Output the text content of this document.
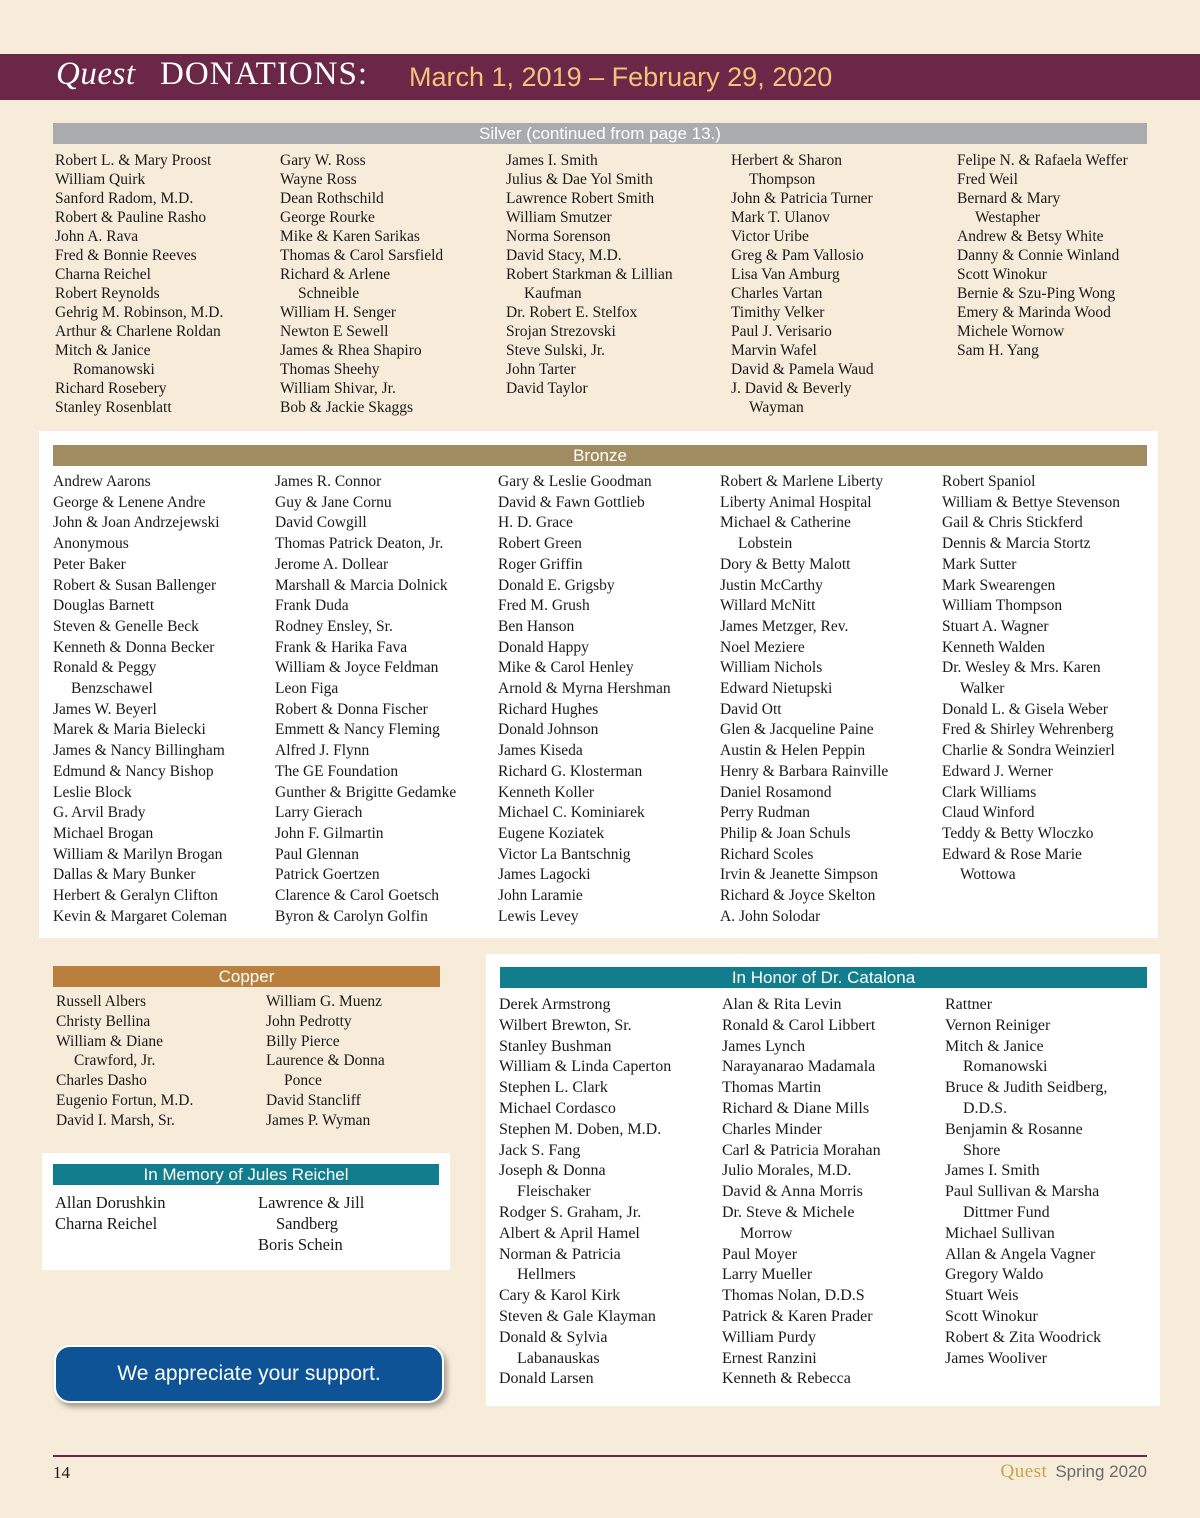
Quest DONATIONS: March 1, 2019 – February 29, 2020
Silver (continued from page 13.)
Robert L. & Mary Proost
William Quirk
Sanford Radom, M.D.
Robert & Pauline Rasho
John A. Rava
Fred & Bonnie Reeves
Charna Reichel
Robert Reynolds
Gehrig M. Robinson, M.D.
Arthur & Charlene Roldan
Mitch & Janice
Romanowski
Richard Rosebery
Stanley Rosenblatt
Gary W. Ross
Wayne Ross
Dean Rothschild
George Rourke
Mike & Karen Sarikas
Thomas & Carol Sarsfield
Richard & Arlene
Schneible
William H. Senger
Newton E Sewell
James & Rhea Shapiro
Thomas Sheehy
William Shivar, Jr.
Bob & Jackie Skaggs
James I. Smith
Julius & Dae Yol Smith
Lawrence Robert Smith
William Smutzer
Norma Sorenson
David Stacy, M.D.
Robert Starkman & Lillian
Kaufman
Dr. Robert E. Stelfox
Srojan Strezovski
Steve Sulski, Jr.
John Tarter
David Taylor
Herbert & Sharon
Thompson
John & Patricia Turner
Mark T. Ulanov
Victor Uribe
Greg & Pam Vallosio
Lisa Van Amburg
Charles Vartan
Timithy Velker
Paul J. Verisario
Marvin Wafel
David & Pamela Waud
J. David & Beverly
Wayman
Felipe N. & Rafaela Weffer
Fred Weil
Bernard & Mary
Westapher
Andrew & Betsy White
Danny & Connie Winland
Scott Winokur
Bernie & Szu-Ping Wong
Emery & Marinda Wood
Michele Wornow
Sam H. Yang
Bronze
Andrew Aarons
George & Lenene Andre
John & Joan Andrzejewski
Anonymous
Peter Baker
Robert & Susan Ballenger
Douglas Barnett
Steven & Genelle Beck
Kenneth & Donna Becker
Ronald & Peggy
Benzschawel
James W. Beyerl
Marek & Maria Bielecki
James & Nancy Billingham
Edmund & Nancy Bishop
Leslie Block
G. Arvil Brady
Michael Brogan
William & Marilyn Brogan
Dallas & Mary Bunker
Herbert & Geralyn Clifton
Kevin & Margaret Coleman
James R. Connor
Guy & Jane Cornu
David Cowgill
Thomas Patrick Deaton, Jr.
Jerome A. Dollear
Marshall & Marcia Dolnick
Frank Duda
Rodney Ensley, Sr.
Frank & Harika Fava
William & Joyce Feldman
Leon Figa
Robert & Donna Fischer
Emmett & Nancy Fleming
Alfred J. Flynn
The GE Foundation
Gunther & Brigitte Gedamke
Larry Gierach
John F. Gilmartin
Paul Glennan
Patrick Goertzen
Clarence & Carol Goetsch
Byron & Carolyn Golfin
Gary & Leslie Goodman
David & Fawn Gottlieb
H. D. Grace
Robert Green
Roger Griffin
Donald E. Grigsby
Fred M. Grush
Ben Hanson
Donald Happy
Mike & Carol Henley
Arnold & Myrna Hershman
Richard Hughes
Donald Johnson
James Kiseda
Richard G. Klosterman
Kenneth Koller
Michael C. Kominiarek
Eugene Koziatek
Victor La Bantschnig
James Lagocki
John Laramie
Lewis Levey
Robert & Marlene Liberty
Liberty Animal Hospital
Michael & Catherine
Lobstein
Dory & Betty Malott
Justin McCarthy
Willard McNitt
James Metzger, Rev.
Noel Meziere
William Nichols
Edward Nietupski
David Ott
Glen & Jacqueline Paine
Austin & Helen Peppin
Henry & Barbara Rainville
Daniel Rosamond
Perry Rudman
Philip & Joan Schuls
Richard Scoles
Irvin & Jeanette Simpson
Richard & Joyce Skelton
A. John Solodar
Robert Spaniol
William & Bettye Stevenson
Gail & Chris Stickferd
Dennis & Marcia Stortz
Mark Sutter
Mark Swearengen
William Thompson
Stuart A. Wagner
Kenneth Walden
Dr. Wesley & Mrs. Karen
Walker
Donald L. & Gisela Weber
Fred & Shirley Wehrenberg
Charlie & Sondra Weinzierl
Edward J. Werner
Clark Williams
Claud Winford
Teddy & Betty Wloczko
Edward & Rose Marie
Wottowa
Copper
Russell Albers
Christy Bellina
William & Diane
Crawford, Jr.
Charles Dasho
Eugenio Fortun, M.D.
David I. Marsh, Sr.
William G. Muenz
John Pedrotty
Billy Pierce
Laurence & Donna
Ponce
David Stancliff
James P. Wyman
In Memory of Jules Reichel
Allan Dorushkin
Charna Reichel
Lawrence & Jill
Sandberg
Boris Schein
We appreciate your support.
In Honor of Dr. Catalona
Derek Armstrong
Wilbert Brewton, Sr.
Stanley Bushman
William & Linda Caperton
Stephen L. Clark
Michael Cordasco
Stephen M. Doben, M.D.
Jack S. Fang
Joseph & Donna
Fleischaker
Rodger S. Graham, Jr.
Albert & April Hamel
Norman & Patricia
Hellmers
Cary & Karol Kirk
Steven & Gale Klayman
Donald & Sylvia
Labanauskas
Donald Larsen
Alan & Rita Levin
Ronald & Carol Libbert
James Lynch
Narayanarao Madamala
Thomas Martin
Richard & Diane Mills
Charles Minder
Carl & Patricia Morahan
Julio Morales, M.D.
David & Anna Morris
Dr. Steve & Michele
Morrow
Paul Moyer
Larry Mueller
Thomas Nolan, D.D.S
Patrick & Karen Prader
William Purdy
Ernest Ranzini
Kenneth & Rebecca
Rattner
Vernon Reiniger
Mitch & Janice
Romanowski
Bruce & Judith Seidberg,
D.D.S.
Benjamin & Rosanne
Shore
James I. Smith
Paul Sullivan & Marsha
Dittmer Fund
Michael Sullivan
Allan & Angela Vagner
Gregory Waldo
Stuart Weis
Scott Winokur
Robert & Zita Woodrick
James Wooliver
14	Quest Spring 2020
